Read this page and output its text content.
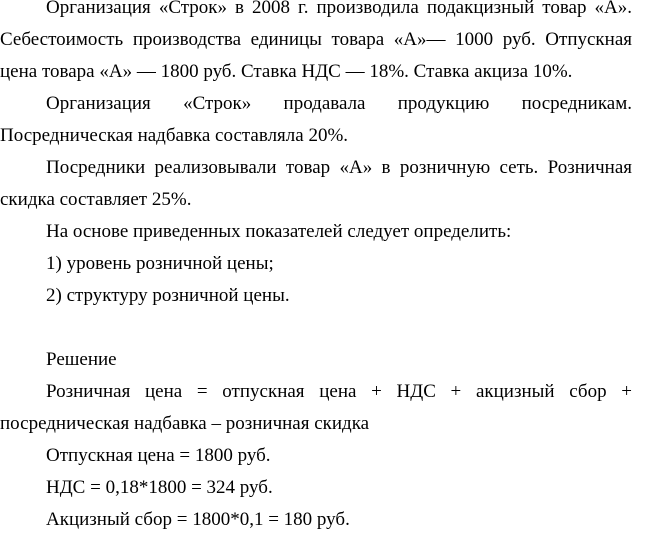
Организация «Строк» в 2008 г. производила подакцизный товар «А». Себестоимость производства единицы товара «А»— 1000 руб. Отпускная цена товара «А» — 1800 руб. Ставка НДС — 18%. Ставка акциза 10%.

Организация «Строк» продавала продукцию посредникам. Посредническая надбавка составляла 20%.

Посредники реализовывали товар «А» в розничную сеть. Розничная скидка составляет 25%.

На основе приведенных показателей следует определить:

1) уровень розничной цены;

2) структуру розничной цены.

Решение

Розничная цена = отпускная цена + НДС + акцизный сбор + посредническая надбавка – розничная скидка

Отпускная цена = 1800 руб.

НДС = 0,18*1800 = 324 руб.

Акцизный сбор = 1800*0,1 = 180 руб.
